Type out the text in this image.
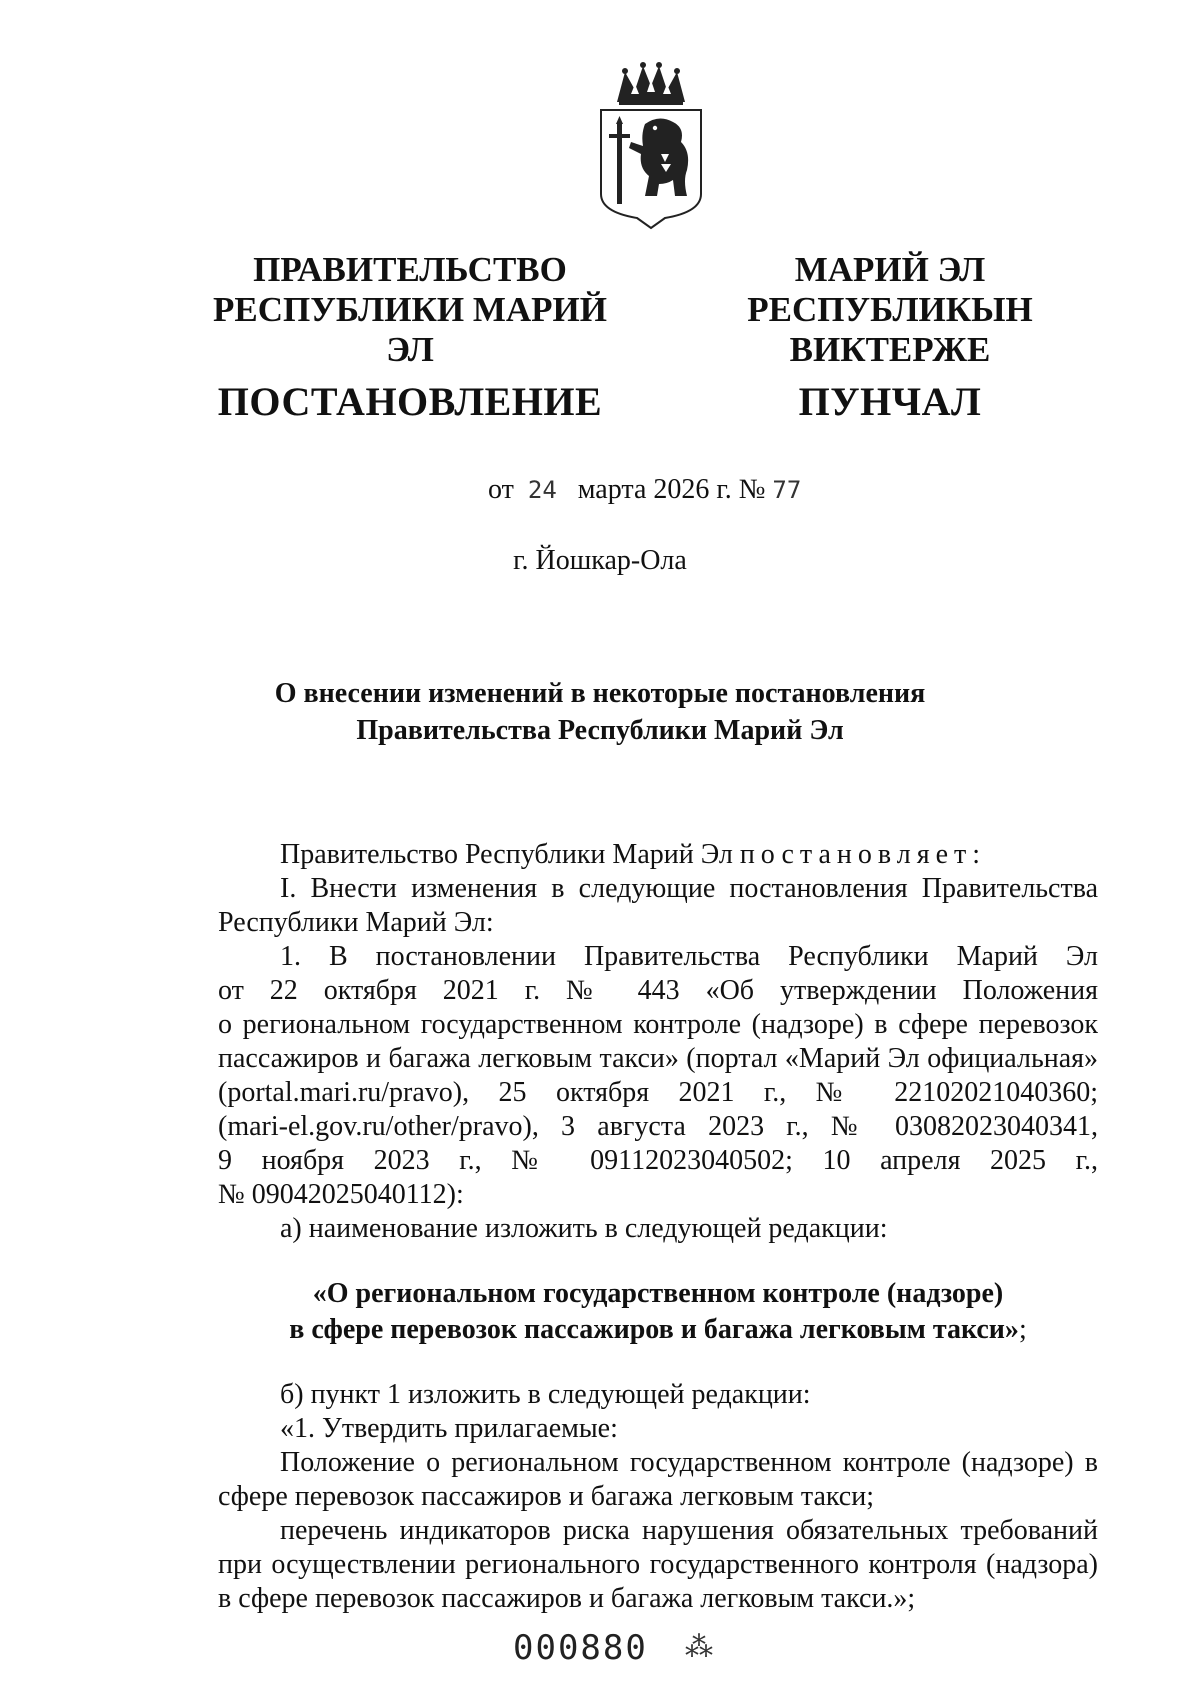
ПРАВИТЕЛЬСТВО
РЕСПУБЛИКИ МАРИЙ ЭЛ
ПОСТАНОВЛЕНИЕ
МАРИЙ ЭЛ РЕСПУБЛИКЫН
ВИКТЕРЖЕ
ПУНЧАЛ
от 24 марта 2026 г. № 77
г. Йошкар-Ола
О внесении изменений в некоторые постановления
Правительства Республики Марий Эл

Правительство Республики Марий Эл постановляет:

I. Внести изменения в следующие постановления Правительства Республики Марий Эл:

1. В постановлении Правительства Республики Марий Эл

от 22 октября 2021 г. № 443 «Об утверждении Положения

о региональном государственном контроле (надзоре) в сфере перевозок

пассажиров и багажа легковым такси» (портал «Марий Эл официальная»

(portal.mari.ru/pravo), 25 октября 2021 г., № 22102021040360;

(mari-el.gov.ru/other/pravo), 3 августа 2023 г., № 03082023040341,

9 ноября 2023 г., № 09112023040502; 10 апреля 2025 г.,

№ 09042025040112):

а) наименование изложить в следующей редакции:

«О региональном государственном контроле (надзоре)
в сфере перевозок пассажиров и багажа легковым такси»;

б) пункт 1 изложить в следующей редакции:

«1. Утвердить прилагаемые:

Положение о региональном государственном контроле (надзоре) в сфере перевозок пассажиров и багажа легковым такси;

перечень индикаторов риска нарушения обязательных требований при осуществлении регионального государственного контроля (надзора) в сфере перевозок пассажиров и багажа легковым такси.»;

000880 ⁂
